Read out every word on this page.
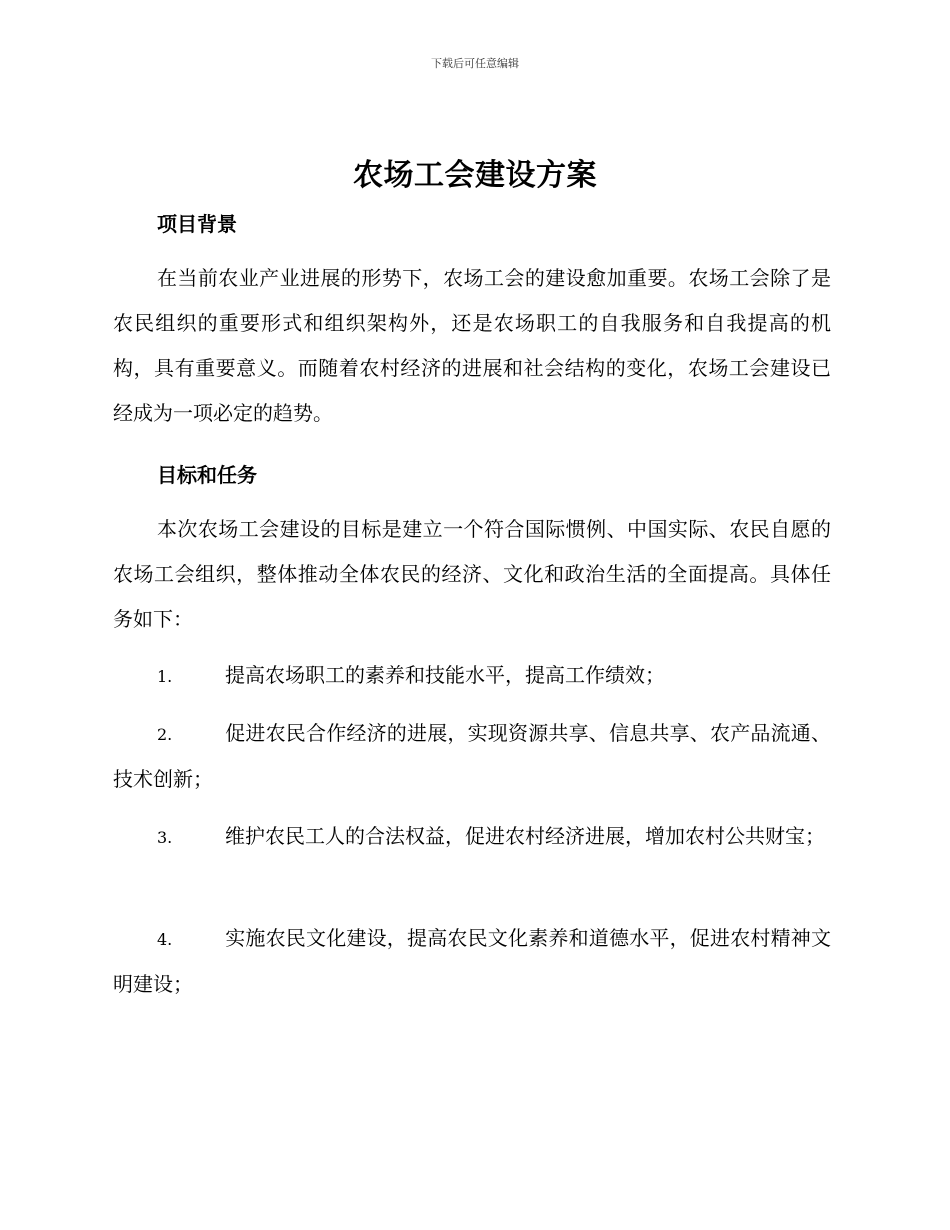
下载后可任意编辑
农场工会建设方案
项目背景
在当前农业产业进展的形势下，农场工会的建设愈加重要。农场工会除了是农民组织的重要形式和组织架构外，还是农场职工的自我服务和自我提高的机构，具有重要意义。而随着农村经济的进展和社会结构的变化，农场工会建设已经成为一项必定的趋势。
目标和任务
本次农场工会建设的目标是建立一个符合国际惯例、中国实际、农民自愿的农场工会组织，整体推动全体农民的经济、文化和政治生活的全面提高。具体任务如下：
1.	提高农场职工的素养和技能水平，提高工作绩效；
2.	促进农民合作经济的进展，实现资源共享、信息共享、农产品流通、技术创新；
3.	维护农民工人的合法权益，促进农村经济进展，增加农村公共财宝；
4.	实施农民文化建设，提高农民文化素养和道德水平，促进农村精神文明建设；
